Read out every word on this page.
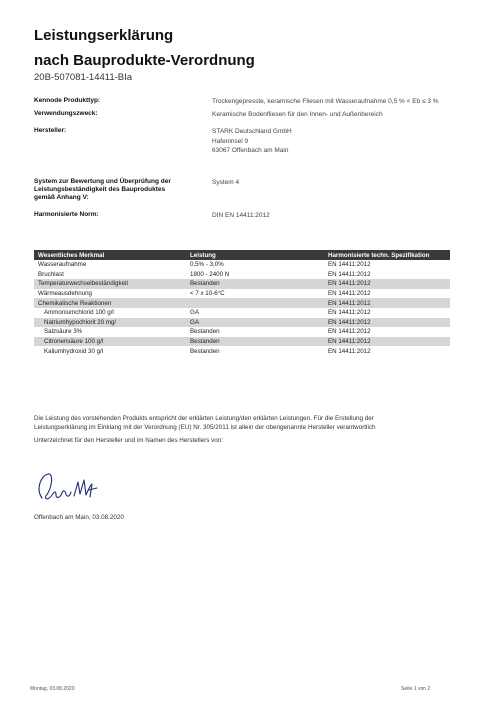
Leistungserklärung
nach Bauprodukte-Verordnung
20B-507081-14411-BIa
Kennode Produkttyp:	Trockengepresste, keramische Fliesen mit Wasseraufnahme 0,5 % < Eb ≤ 3 %
Verwendungszweck:	Keramische Bodenfliesen für den Innen- und Außenbereich
Hersteller:	STARK Deutschland GmbH
Hafeninsel 9
63067 Offenbach am Main
System zur Bewertung und Überprüfung der
Leistungsbeständigkeit des Bauproduktes
gemäß Anhang V:
System 4
Harmonisierte Norm:	DIN EN 14411:2012
Wesentliches Merkmal	Leistung	Harmonisierte techn. Spezifikation
Wasseraufnahme	0,5% - 3,0%	EN 14411:2012
Bruchlast	1800 - 2400 N	EN 14411:2012
Temperaturwechselbeständigkeit	Bestanden	EN 14411:2012
Wärmeausdehnung	< 7 x 10-6°C	EN 14411:2012
Chemikalische Reaktionen		EN 14411:2012
Ammoniumchlorid 100 g/l	GA	EN 14411:2012
Natriumhypochlorit 20 mg/	GA	EN 14411:2012
Salzsäure 3%	Bestanden	EN 14411:2012
Citronensäure 100 g/l	Bestanden	EN 14411:2012
Kaliumhydroxid 30 g/l	Bestanden	EN 14411:2012
Die Leistung des vorstehenden Produkts entspricht der erklärten Leistung/den erklärten Leistungen. Für die Erstellung der
Leistungserklärung im Einklang mit der Verordnung (EU) Nr. 305/2011 ist allein der obengenannte Hersteller verantwortlich
Unterzeichnet für den Hersteller und im Namen des Herstellers von:
Offenbach am Main, 03.08.2020
Montag, 03.08.2020	Seite 1 von 2
